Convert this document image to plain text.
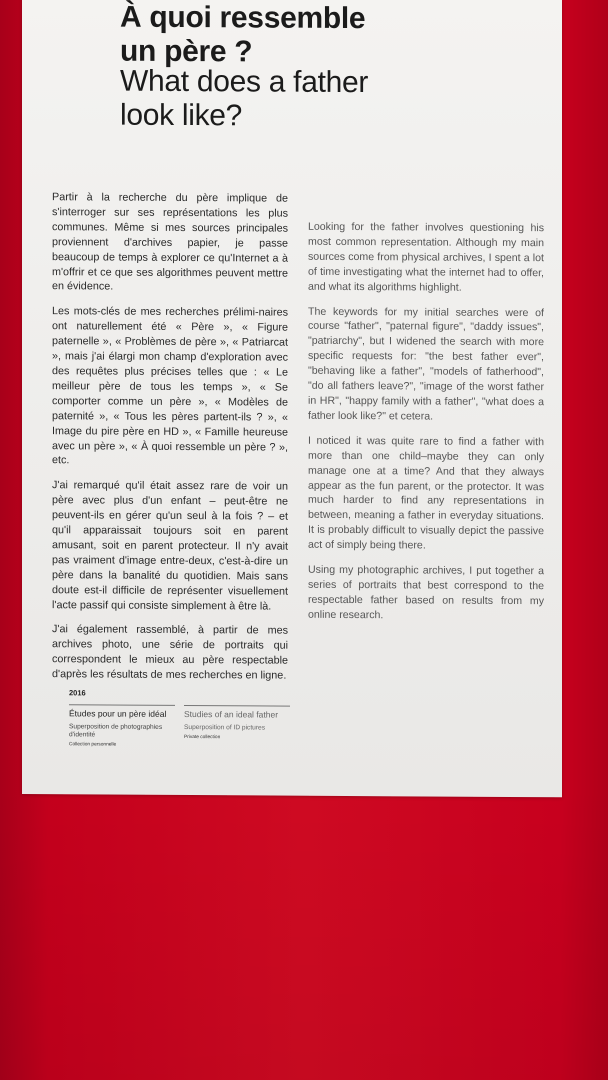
À quoi ressemble
un père ?
What does a father
look like?

Partir à la recherche du père implique de s'interroger sur ses représentations les plus communes. Même si mes sources principales proviennent d'archives papier, je passe beaucoup de temps à explorer ce qu'Internet a à m'offrir et ce que ses algorithmes peuvent mettre en évidence.

Les mots-clés de mes recherches prélimi-naires ont naturellement été « Père », « Figure paternelle », « Problèmes de père », « Patriarcat », mais j'ai élargi mon champ d'exploration avec des requêtes plus précises telles que : « Le meilleur père de tous les temps », « Se comporter comme un père », « Modèles de paternité », « Tous les pères partent-ils ? », « Image du pire père en HD », « Famille heureuse avec un père », « À quoi ressemble un père ? », etc.

J'ai remarqué qu'il était assez rare de voir un père avec plus d'un enfant – peut-être ne peuvent-ils en gérer qu'un seul à la fois ? – et qu'il apparaissait toujours soit en parent amusant, soit en parent protecteur. Il n'y avait pas vraiment d'image entre-deux, c'est-à-dire un père dans la banalité du quotidien. Mais sans doute est-il difficile de représenter visuellement l'acte passif qui consiste simplement à être là.

J'ai également rassemblé, à partir de mes archives photo, une série de portraits qui correspondent le mieux au père respectable d'après les résultats de mes recherches en ligne.

Looking for the father involves questioning his most common representation. Although my main sources come from physical archives, I spent a lot of time investigating what the internet had to offer, and what its algorithms highlight.

The keywords for my initial searches were of course "father", "paternal figure", "daddy issues", "patriarchy", but I widened the search with more specific requests for: "the best father ever", "behaving like a father", "models of fatherhood", "do all fathers leave?", "image of the worst father in HR", "happy family with a father", "what does a father look like?" et cetera.

I noticed it was quite rare to find a father with more than one child–maybe they can only manage one at a time? And that they always appear as the fun parent, or the protector. It was much harder to find any representations in between, meaning a father in everyday situations. It is probably difficult to visually depict the passive act of simply being there.

Using my photographic archives, I put together a series of portraits that best correspond to the respectable father based on results from my online research.

2016

Études pour un père idéal

Superposition de photographies d'identité

Collection personnelle

Studies of an ideal father

Superposition of ID pictures

Private collection
